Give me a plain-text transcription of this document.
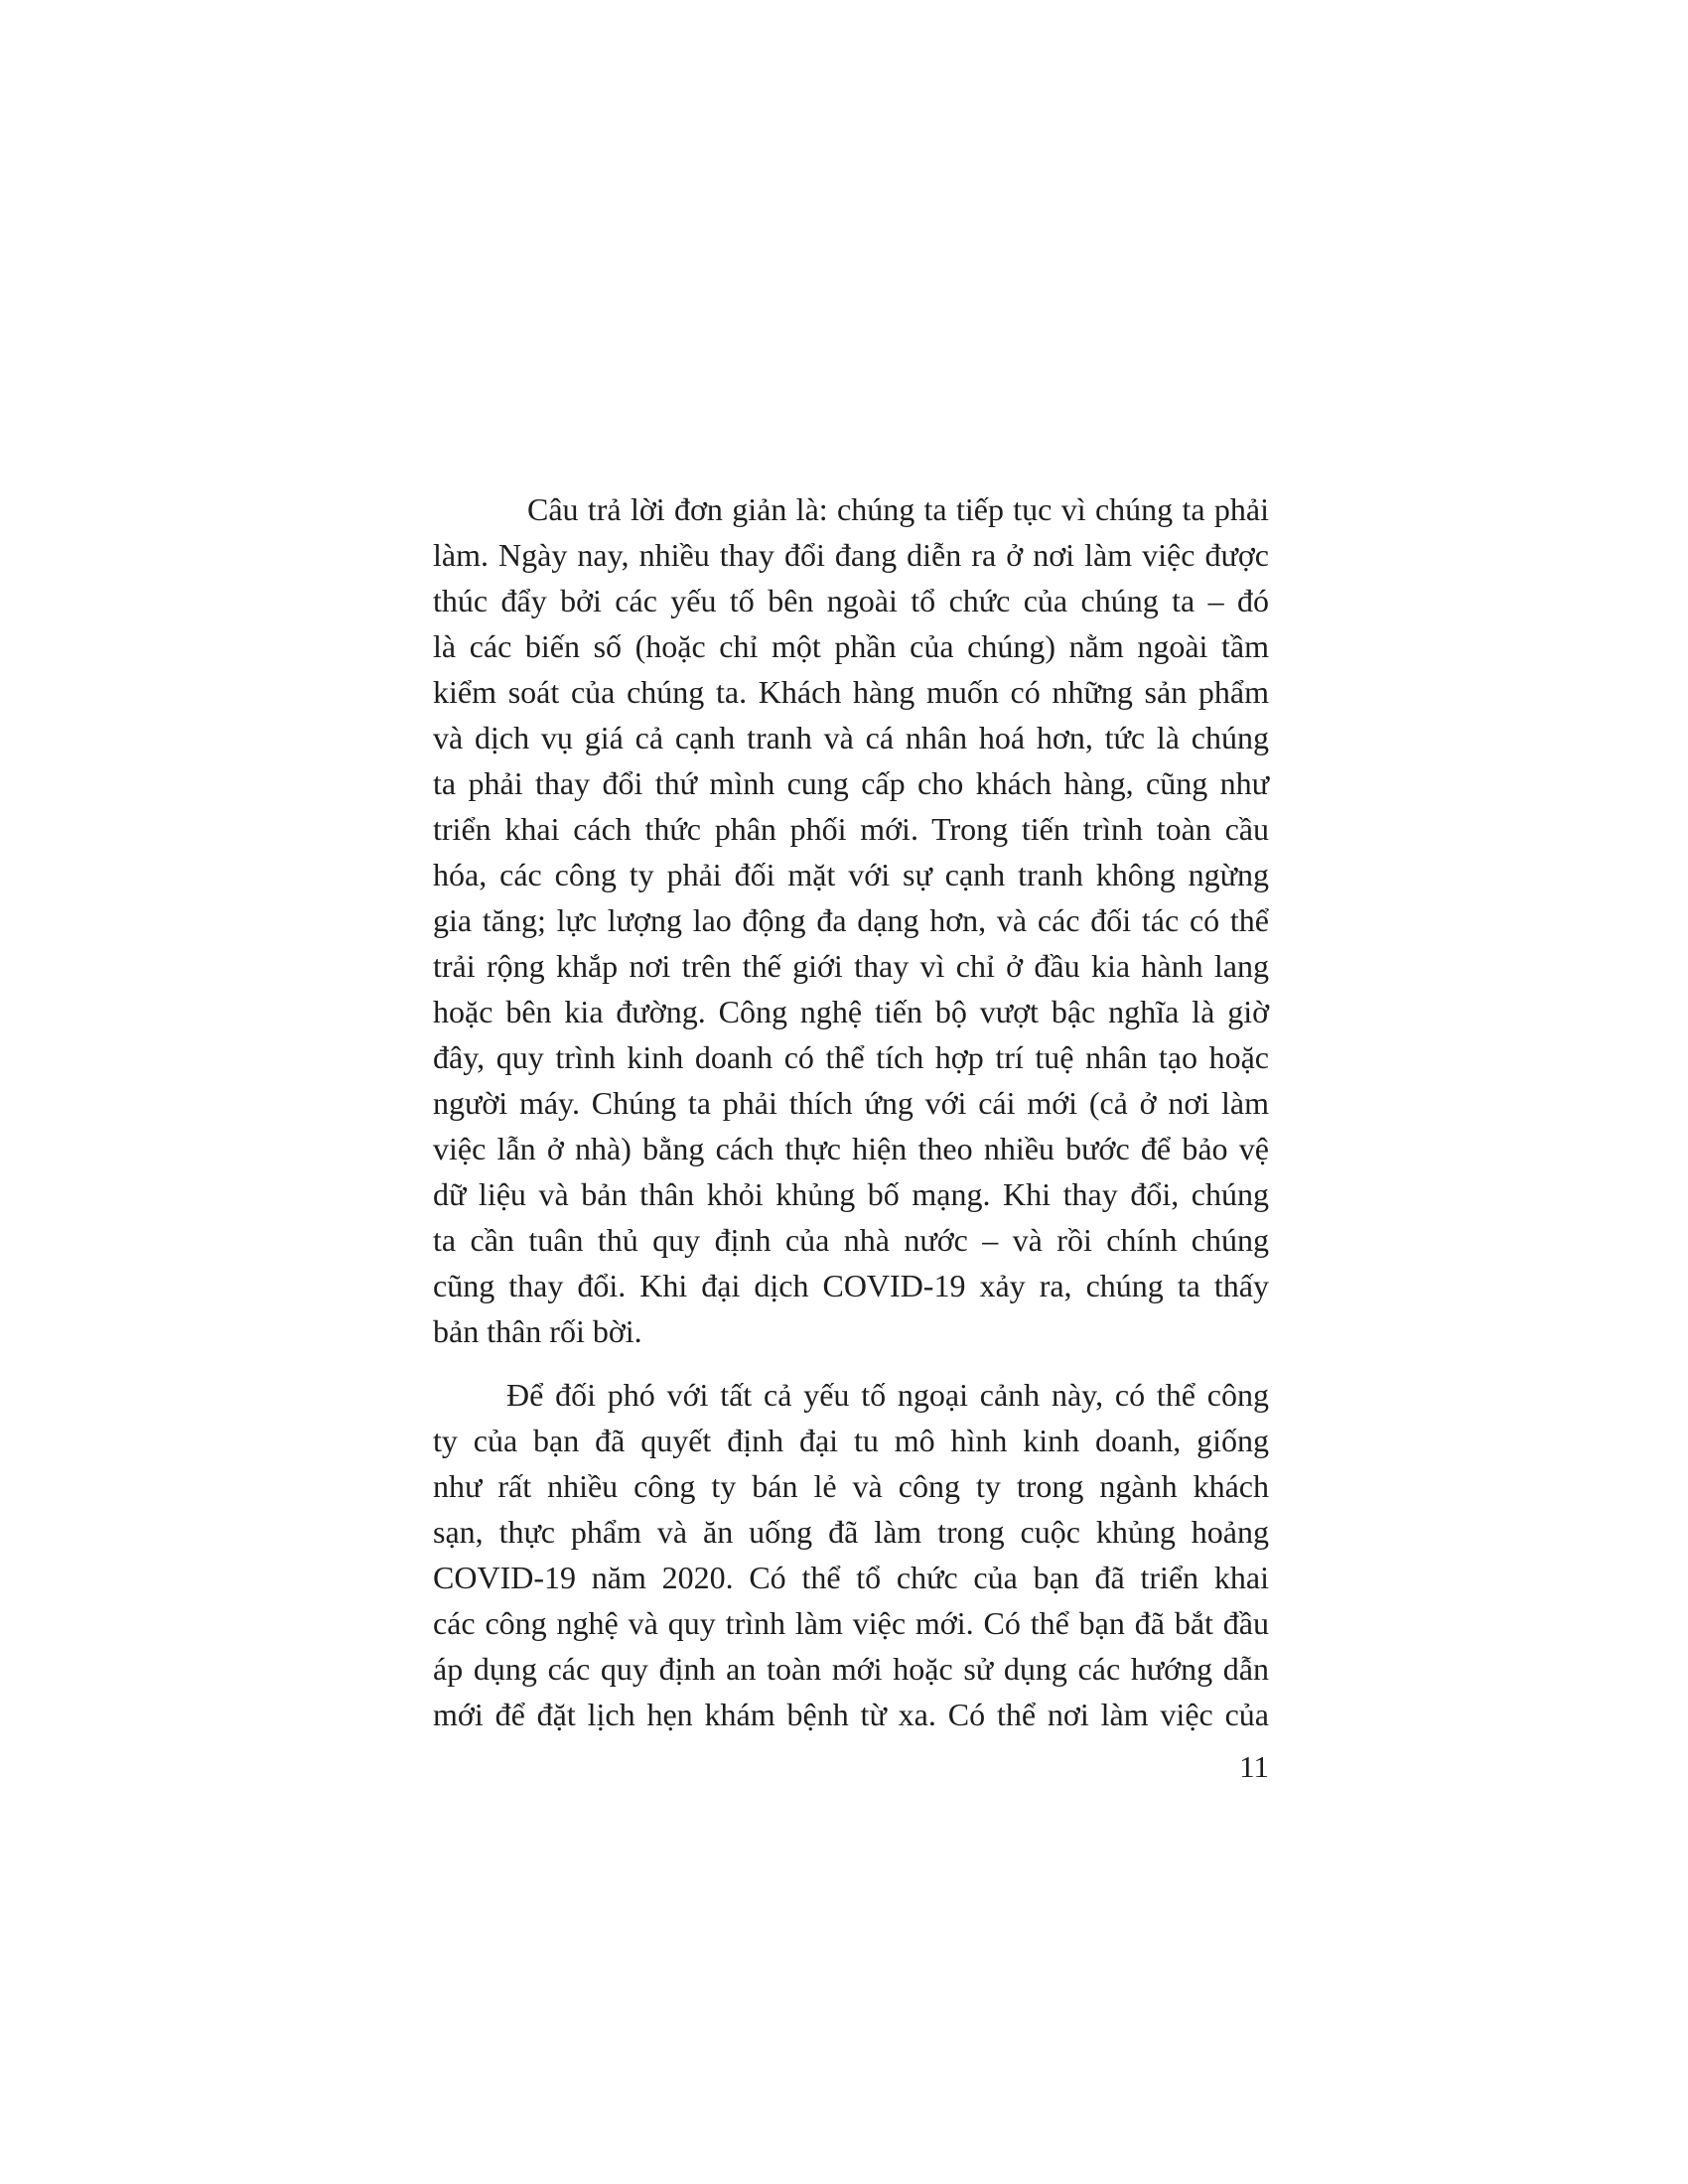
Câu trả lời đơn giản là: chúng ta tiếp tục vì chúng ta phải
làm. Ngày nay, nhiều thay đổi đang diễn ra ở nơi làm việc được
thúc đẩy bởi các yếu tố bên ngoài tổ chức của chúng ta – đó
là các biến số (hoặc chỉ một phần của chúng) nằm ngoài tầm
kiểm soát của chúng ta. Khách hàng muốn có những sản phẩm
và dịch vụ giá cả cạnh tranh và cá nhân hoá hơn, tức là chúng
ta phải thay đổi thứ mình cung cấp cho khách hàng, cũng như
triển khai cách thức phân phối mới. Trong tiến trình toàn cầu
hóa, các công ty phải đối mặt với sự cạnh tranh không ngừng
gia tăng; lực lượng lao động đa dạng hơn, và các đối tác có thể
trải rộng khắp nơi trên thế giới thay vì chỉ ở đầu kia hành lang
hoặc bên kia đường. Công nghệ tiến bộ vượt bậc nghĩa là giờ
đây, quy trình kinh doanh có thể tích hợp trí tuệ nhân tạo hoặc
người máy. Chúng ta phải thích ứng với cái mới (cả ở nơi làm
việc lẫn ở nhà) bằng cách thực hiện theo nhiều bước để bảo vệ
dữ liệu và bản thân khỏi khủng bố mạng. Khi thay đổi, chúng
ta cần tuân thủ quy định của nhà nước – và rồi chính chúng
cũng thay đổi. Khi đại dịch COVID-19 xảy ra, chúng ta thấy
bản thân rối bời.
Để đối phó với tất cả yếu tố ngoại cảnh này, có thể công
ty của bạn đã quyết định đại tu mô hình kinh doanh, giống
như rất nhiều công ty bán lẻ và công ty trong ngành khách
sạn, thực phẩm và ăn uống đã làm trong cuộc khủng hoảng
COVID-19 năm 2020. Có thể tổ chức của bạn đã triển khai
các công nghệ và quy trình làm việc mới. Có thể bạn đã bắt đầu
áp dụng các quy định an toàn mới hoặc sử dụng các hướng dẫn
mới để đặt lịch hẹn khám bệnh từ xa. Có thể nơi làm việc của
11
